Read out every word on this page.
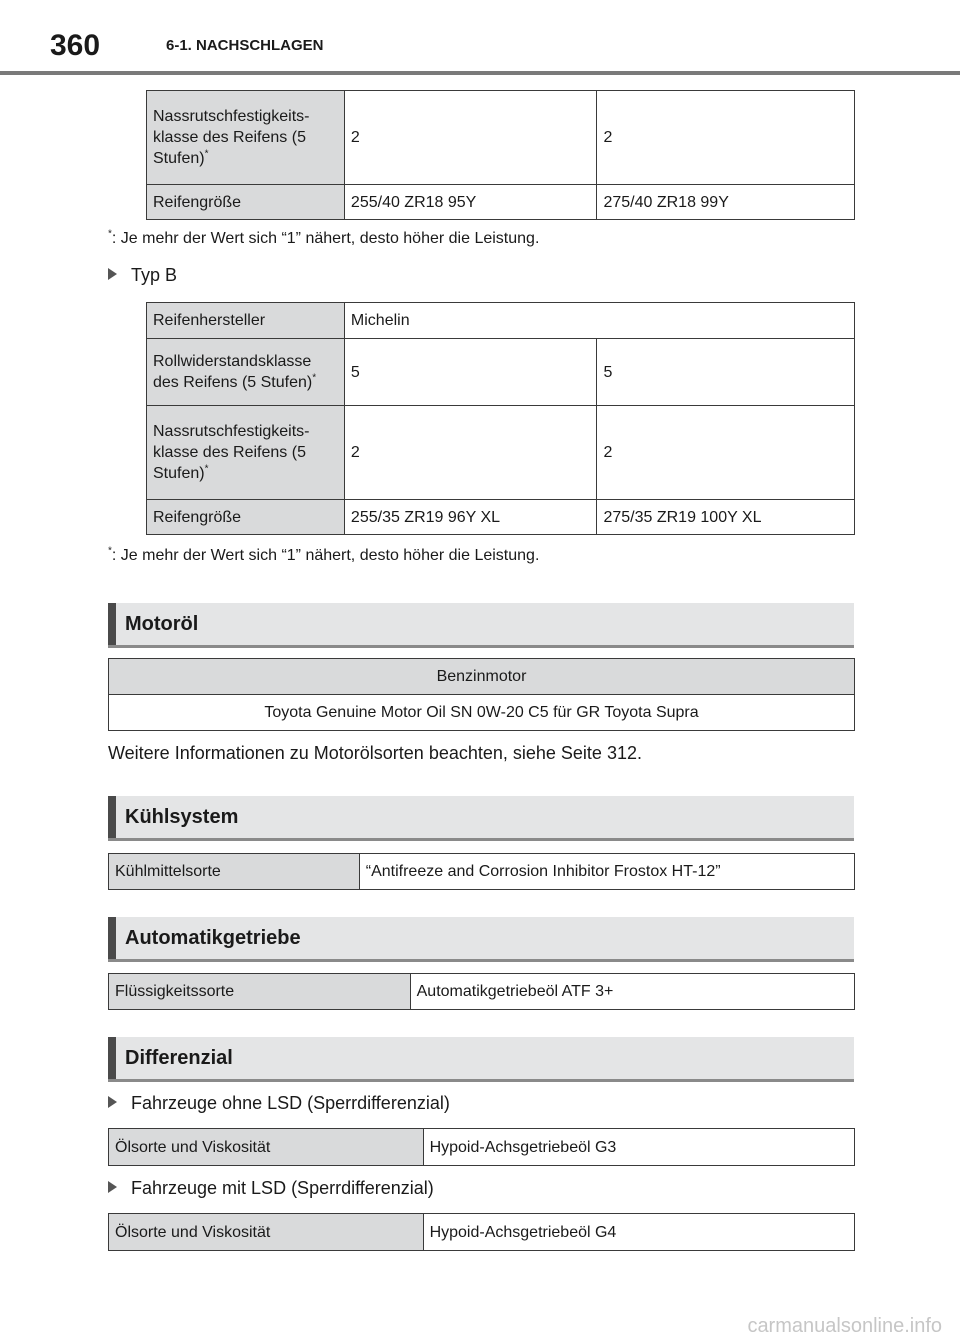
360	6-1. NACHSCHLAGEN
Nassrutschfestigkeits-klasse des Reifens (5 Stufen)*	2	2
Reifengröße	255/40 ZR18 95Y	275/40 ZR18 99Y
*: Je mehr der Wert sich “1” nähert, desto höher die Leistung.
Typ B
Reifenhersteller	Michelin	
Rollwiderstandsklasse des Reifens (5 Stufen)*	5	5
Nassrutschfestigkeits-klasse des Reifens (5 Stufen)*	2	2
Reifengröße	255/35 ZR19 96Y XL	275/35 ZR19 100Y XL
*: Je mehr der Wert sich “1” nähert, desto höher die Leistung.
Motoröl
Benzinmotor
Toyota Genuine Motor Oil SN 0W-20 C5 für GR Toyota Supra
Weitere Informationen zu Motorölsorten beachten, siehe Seite 312.
Kühlsystem
Kühlmittelsorte	“Antifreeze and Corrosion Inhibitor Frostox HT-12”
Automatikgetriebe
Flüssigkeitssorte	Automatikgetriebeöl ATF 3+
Differenzial
Fahrzeuge ohne LSD (Sperrdifferenzial)
Ölsorte und Viskosität	Hypoid-Achsgetriebeöl G3
Fahrzeuge mit LSD (Sperrdifferenzial)
Ölsorte und Viskosität	Hypoid-Achsgetriebeöl G4
carmanualsonline.info
